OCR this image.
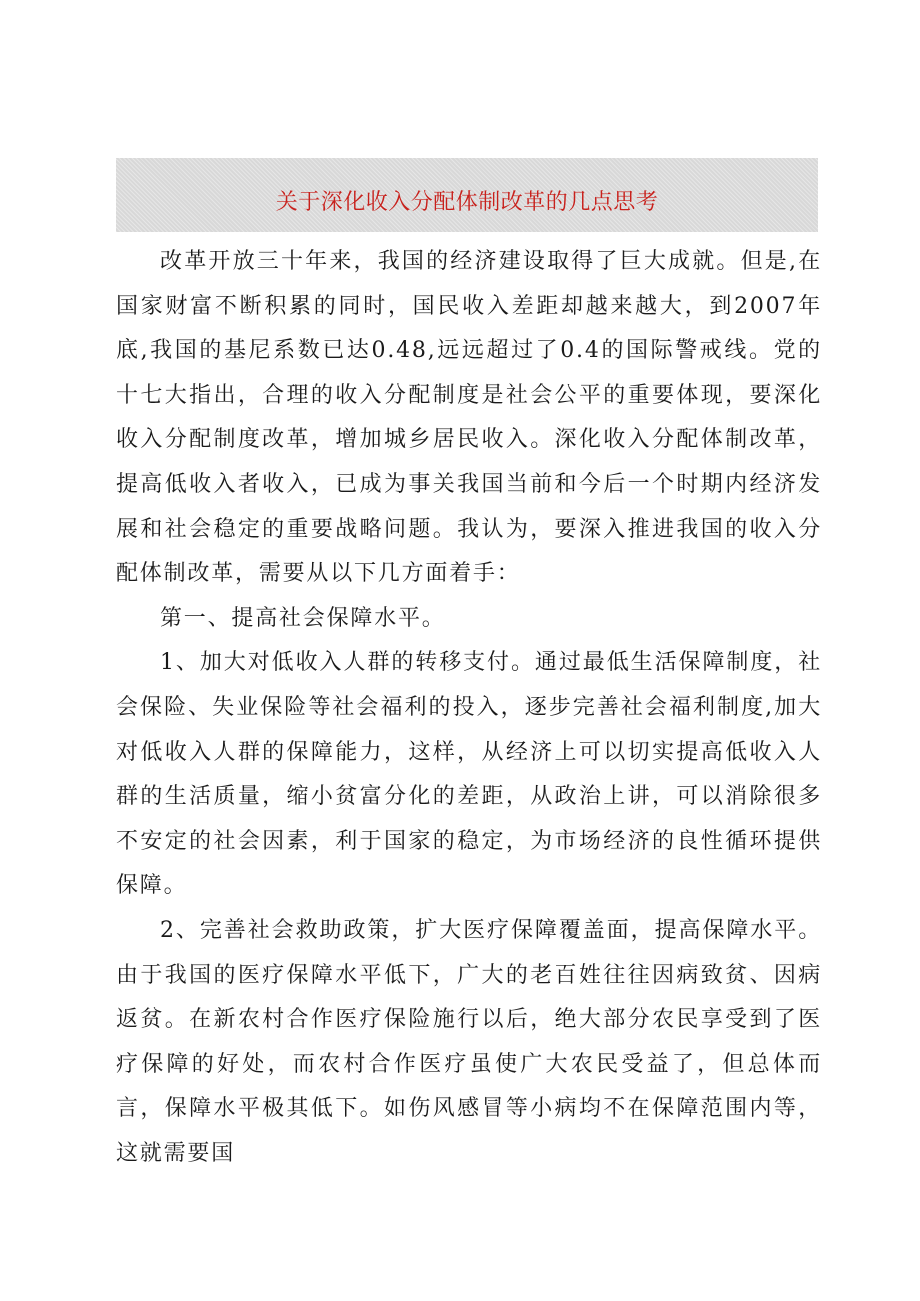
关于深化收入分配体制改革的几点思考

改革开放三十年来，我国的经济建设取得了巨大成就。但是,在国家财富不断积累的同时，国民收入差距却越来越大，到2007年底,我国的基尼系数已达0.48,远远超过了0.4的国际警戒线。党的十七大指出，合理的收入分配制度是社会公平的重要体现，要深化收入分配制度改革，增加城乡居民收入。深化收入分配体制改革，提高低收入者收入，已成为事关我国当前和今后一个时期内经济发展和社会稳定的重要战略问题。我认为，要深入推进我国的收入分配体制改革，需要从以下几方面着手：

第一、提高社会保障水平。

1、加大对低收入人群的转移支付。通过最低生活保障制度，社会保险、失业保险等社会福利的投入，逐步完善社会福利制度,加大对低收入人群的保障能力，这样，从经济上可以切实提高低收入人群的生活质量，缩小贫富分化的差距，从政治上讲，可以消除很多不安定的社会因素，利于国家的稳定，为市场经济的良性循环提供保障。

2、完善社会救助政策，扩大医疗保障覆盖面，提高保障水平。由于我国的医疗保障水平低下，广大的老百姓往往因病致贫、因病返贫。在新农村合作医疗保险施行以后，绝大部分农民享受到了医疗保障的好处，而农村合作医疗虽使广大农民受益了，但总体而言，保障水平极其低下。如伤风感冒等小病均不在保障范围内等，这就需要国
